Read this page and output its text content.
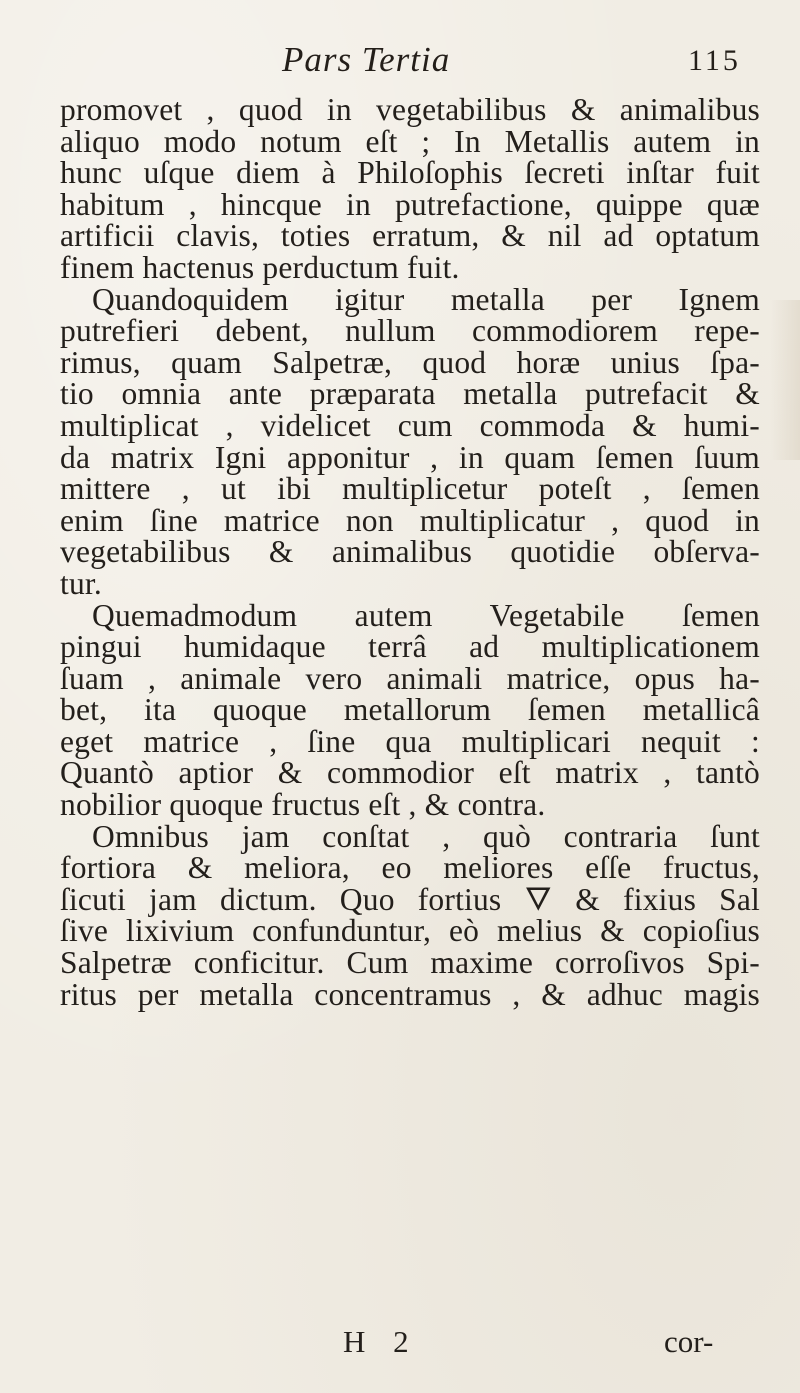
Pars Tertia	115
promovet , quod in vegetabilibus & animalibus
aliquo modo notum eſt ; In Metallis autem in
hunc uſque diem à Philoſophis ſecreti inſtar fuit
habitum , hincque in putrefactione, quippe quæ
artificii clavis, toties erratum, & nil ad optatum
finem hactenus perductum fuit.
Quandoquidem igitur metalla per Ignem
putrefieri debent, nullum commodiorem repe-
rimus, quam Salpetræ, quod horæ unius ſpa-
tio omnia ante præparata metalla putrefacit &
multiplicat , videlicet cum commoda & humi-
da matrix Igni apponitur , in quam ſemen ſuum
mittere , ut ibi multiplicetur poteſt , ſemen
enim ſine matrice non multiplicatur , quod in
vegetabilibus & animalibus quotidie obſerva-
tur.
Quemadmodum autem Vegetabile ſemen
pingui humidaque terrâ ad multiplicationem
ſuam , animale vero animali matrice, opus ha-
bet, ita quoque metallorum ſemen metallicâ
eget matrice , ſine qua multiplicari nequit :
Quantò aptior & commodior eſt matrix , tantò
nobilior quoque fructus eſt , & contra.
Omnibus jam conſtat , quò contraria ſunt
fortiora & meliora, eo meliores eſſe fructus,
ſicuti jam dictum. Quo fortius 🜄 & fixius Sal
ſive lixivium confunduntur, eò melius & copioſius
Salpetræ conficitur. Cum maxime corroſivos Spi-
ritus per metalla concentramus , & adhuc magis
H 2	cor-
